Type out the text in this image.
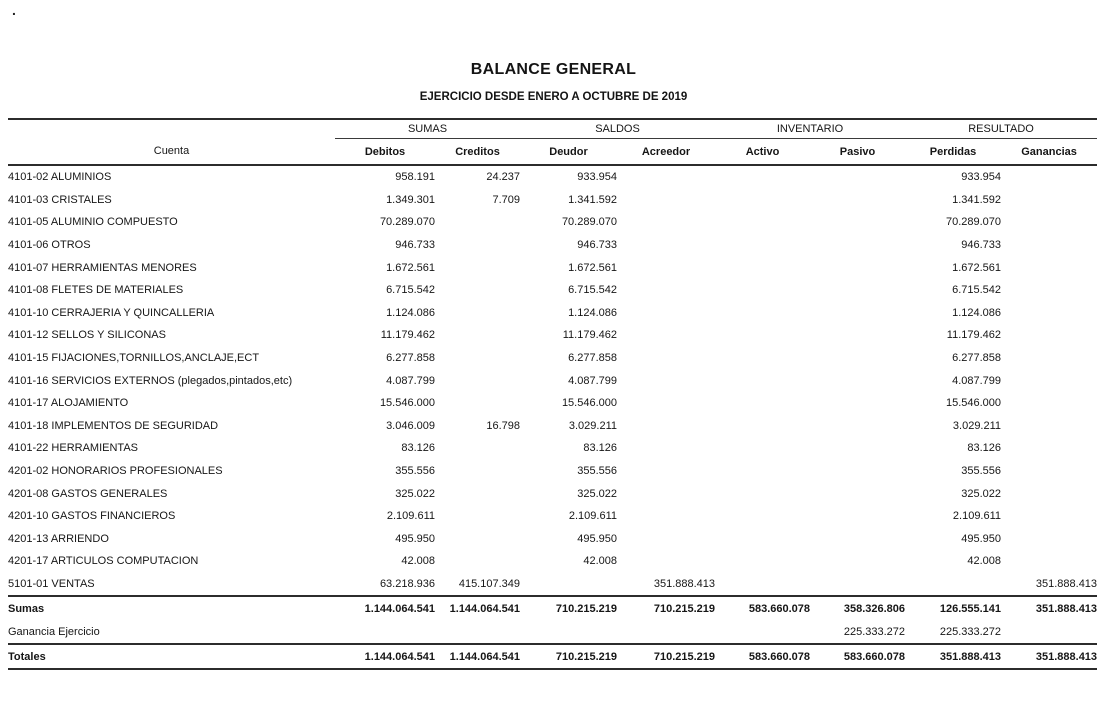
.
BALANCE GENERAL
EJERCICIO DESDE ENERO A OCTUBRE DE 2019
	SUMAS		SALDOS		INVENTARIO		RESULTADO	
Cuenta	Debitos	Creditos	Deudor	Acreedor	Activo	Pasivo	Perdidas	Ganancias
4101-02 ALUMINIOS	958.191	24.237	933.954				933.954	
4101-03 CRISTALES	1.349.301	7.709	1.341.592				1.341.592	
4101-05 ALUMINIO COMPUESTO	70.289.070		70.289.070				70.289.070	
4101-06 OTROS	946.733		946.733				946.733	
4101-07 HERRAMIENTAS MENORES	1.672.561		1.672.561				1.672.561	
4101-08 FLETES DE MATERIALES	6.715.542		6.715.542				6.715.542	
4101-10 CERRAJERIA Y QUINCALLERIA	1.124.086		1.124.086				1.124.086	
4101-12 SELLOS Y SILICONAS	11.179.462		11.179.462				11.179.462	
4101-15 FIJACIONES,TORNILLOS,ANCLAJE,ECT	6.277.858		6.277.858				6.277.858	
4101-16 SERVICIOS EXTERNOS (plegados,pintados,etc)	4.087.799		4.087.799				4.087.799	
4101-17 ALOJAMIENTO	15.546.000		15.546.000				15.546.000	
4101-18 IMPLEMENTOS DE SEGURIDAD	3.046.009	16.798	3.029.211				3.029.211	
4101-22 HERRAMIENTAS	83.126		83.126				83.126	
4201-02 HONORARIOS PROFESIONALES	355.556		355.556				355.556	
4201-08 GASTOS GENERALES	325.022		325.022				325.022	
4201-10 GASTOS FINANCIEROS	2.109.611		2.109.611				2.109.611	
4201-13 ARRIENDO	495.950		495.950				495.950	
4201-17 ARTICULOS COMPUTACION	42.008		42.008				42.008	
5101-01 VENTAS	63.218.936	415.107.349		351.888.413				351.888.413
Sumas	1.144.064.541	1.144.064.541	710.215.219	710.215.219	583.660.078	358.326.806	126.555.141	351.888.413
Ganancia Ejercicio						225.333.272	225.333.272	
Totales	1.144.064.541	1.144.064.541	710.215.219	710.215.219	583.660.078	583.660.078	351.888.413	351.888.413
